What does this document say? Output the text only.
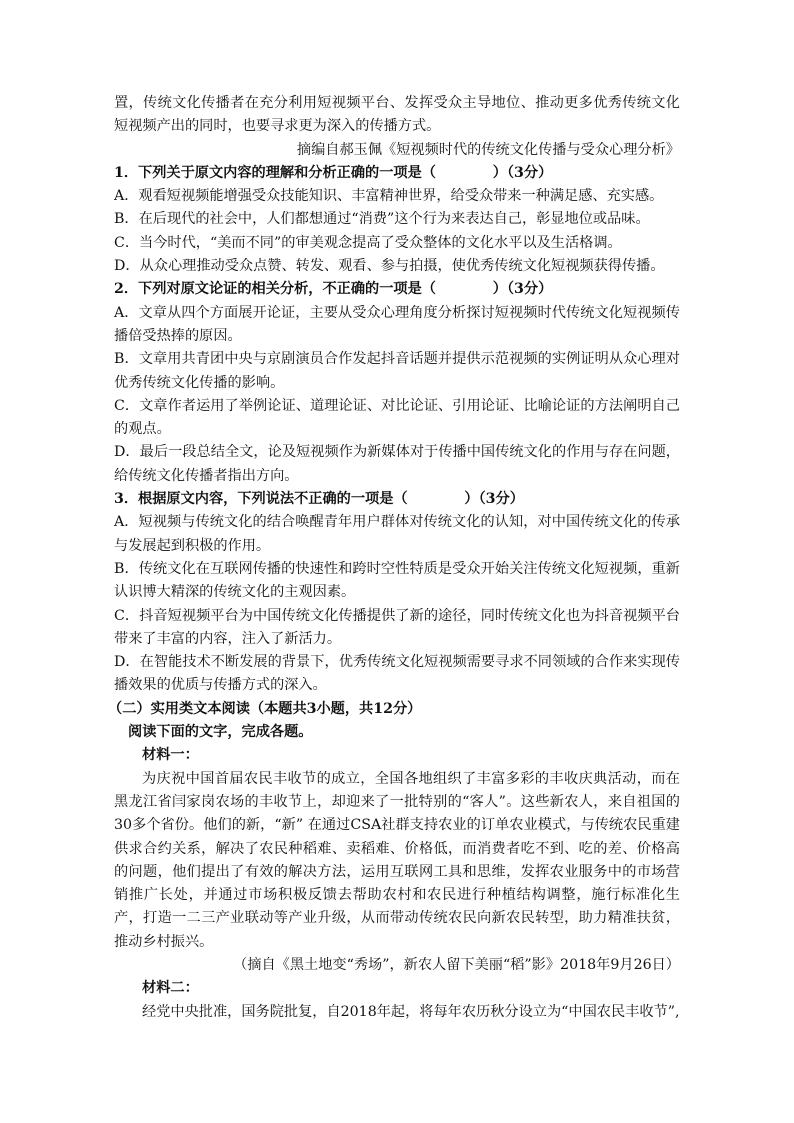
置，传统文化传播者在充分利用短视频平台、发挥受众主导地位、推动更多优秀传统文化短视频产出的同时，也要寻求更为深入的传播方式。

摘编自郝玉佩《短视频时代的传统文化传播与受众心理分析》

1．下列关于原文内容的理解和分析正确的一项是（　　　　）（3分）

A．观看短视频能增强受众技能知识、丰富精神世界，给受众带来一种满足感、充实感。

B．在后现代的社会中，人们都想通过“消费”这个行为来表达自己，彰显地位或品味。

C．当今时代，“美而不同”的审美观念提高了受众整体的文化水平以及生活格调。

D．从众心理推动受众点赞、转发、观看、参与拍摄，使优秀传统文化短视频获得传播。

2．下列对原文论证的相关分析，不正确的一项是（　　　　）（3分）

A．文章从四个方面展开论证，主要从受众心理角度分析探讨短视频时代传统文化短视频传播倍受热捧的原因。

B．文章用共青团中央与京剧演员合作发起抖音话题并提供示范视频的实例证明从众心理对优秀传统文化传播的影响。

C．文章作者运用了举例论证、道理论证、对比论证、引用论证、比喻论证的方法阐明自己的观点。

D．最后一段总结全文，论及短视频作为新媒体对于传播中国传统文化的作用与存在问题，给传统文化传播者指出方向。

3．根据原文内容，下列说法不正确的一项是（　　　　）（3分）

A．短视频与传统文化的结合唤醒青年用户群体对传统文化的认知，对中国传统文化的传承与发展起到积极的作用。

B．传统文化在互联网传播的快速性和跨时空性特质是受众开始关注传统文化短视频，重新认识博大精深的传统文化的主观因素。

C．抖音短视频平台为中国传统文化传播提供了新的途径，同时传统文化也为抖音视频平台带来了丰富的内容，注入了新活力。

D．在智能技术不断发展的背景下，优秀传统文化短视频需要寻求不同领域的合作来实现传播效果的优质与传播方式的深入。

（二）实用类文本阅读（本题共3小题，共12分）

阅读下面的文字，完成各题。

材料一：

为庆祝中国首届农民丰收节的成立，全国各地组织了丰富多彩的丰收庆典活动，而在黑龙江省闫家岗农场的丰收节上，却迎来了一批特别的“客人”。这些新农人，来自祖国的30多个省份。他们的新，“新” 在通过CSA社群支持农业的订单农业模式，与传统农民重建供求合约关系，解决了农民种稻难、卖稻难、价格低，而消费者吃不到、吃的差、价格高的问题，他们提出了有效的解决方法，运用互联网工具和思维，发挥农业服务中的市场营销推广长处，并通过市场积极反馈去帮助农村和农民进行种植结构调整，施行标准化生产，打造一二三产业联动等产业升级，从而带动传统农民向新农民转型，助力精准扶贫，推动乡村振兴。

（摘自《黑土地变“秀场”，新农人留下美丽“稻”影》2018年9月26日）

材料二：

经党中央批准，国务院批复，自2018年起，将每年农历秋分设立为“中国农民丰收节”,
